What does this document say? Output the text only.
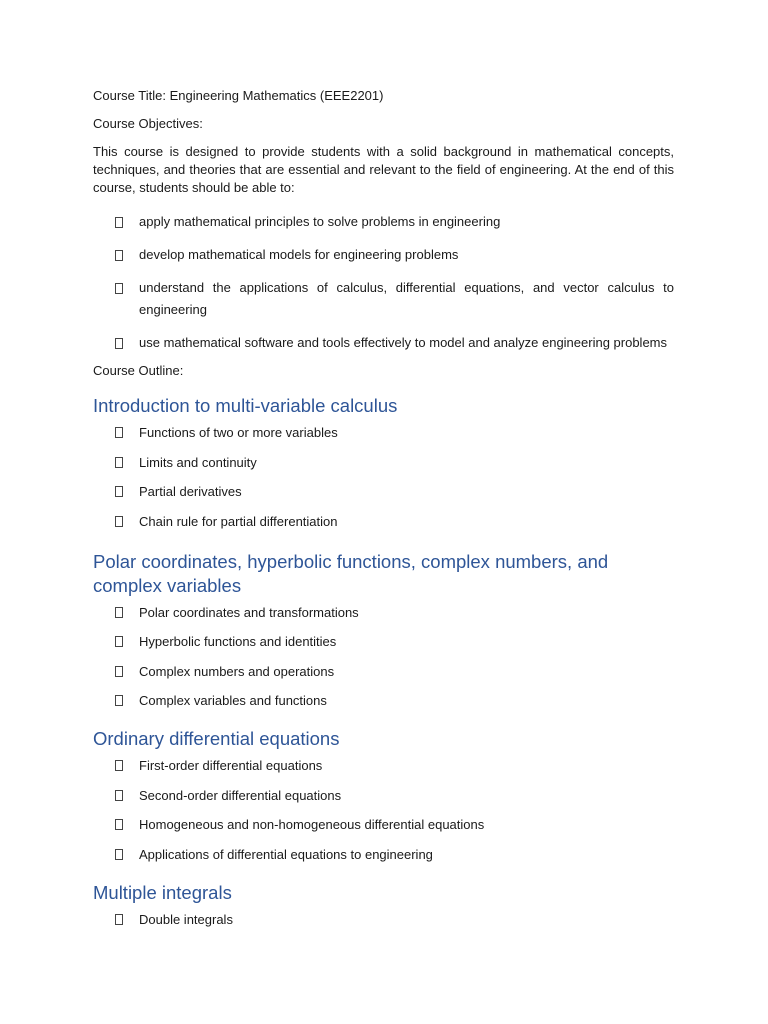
Course Title: Engineering Mathematics (EEE2201)

Course Objectives:

This course is designed to provide students with a solid background in mathematical concepts, techniques, and theories that are essential and relevant to the field of engineering. At the end of this course, students should be able to:

apply mathematical principles to solve problems in engineering
develop mathematical models for engineering problems
understand the applications of calculus, differential equations, and vector calculus to engineering
use mathematical software and tools effectively to model and analyze engineering problems

Course Outline:

Introduction to multi-variable calculus
Functions of two or more variables
Limits and continuity
Partial derivatives
Chain rule for partial differentiation
Polar coordinates, hyperbolic functions, complex numbers, and complex variables
Polar coordinates and transformations
Hyperbolic functions and identities
Complex numbers and operations
Complex variables and functions
Ordinary differential equations
First-order differential equations
Second-order differential equations
Homogeneous and non-homogeneous differential equations
Applications of differential equations to engineering
Multiple integrals
Double integrals
